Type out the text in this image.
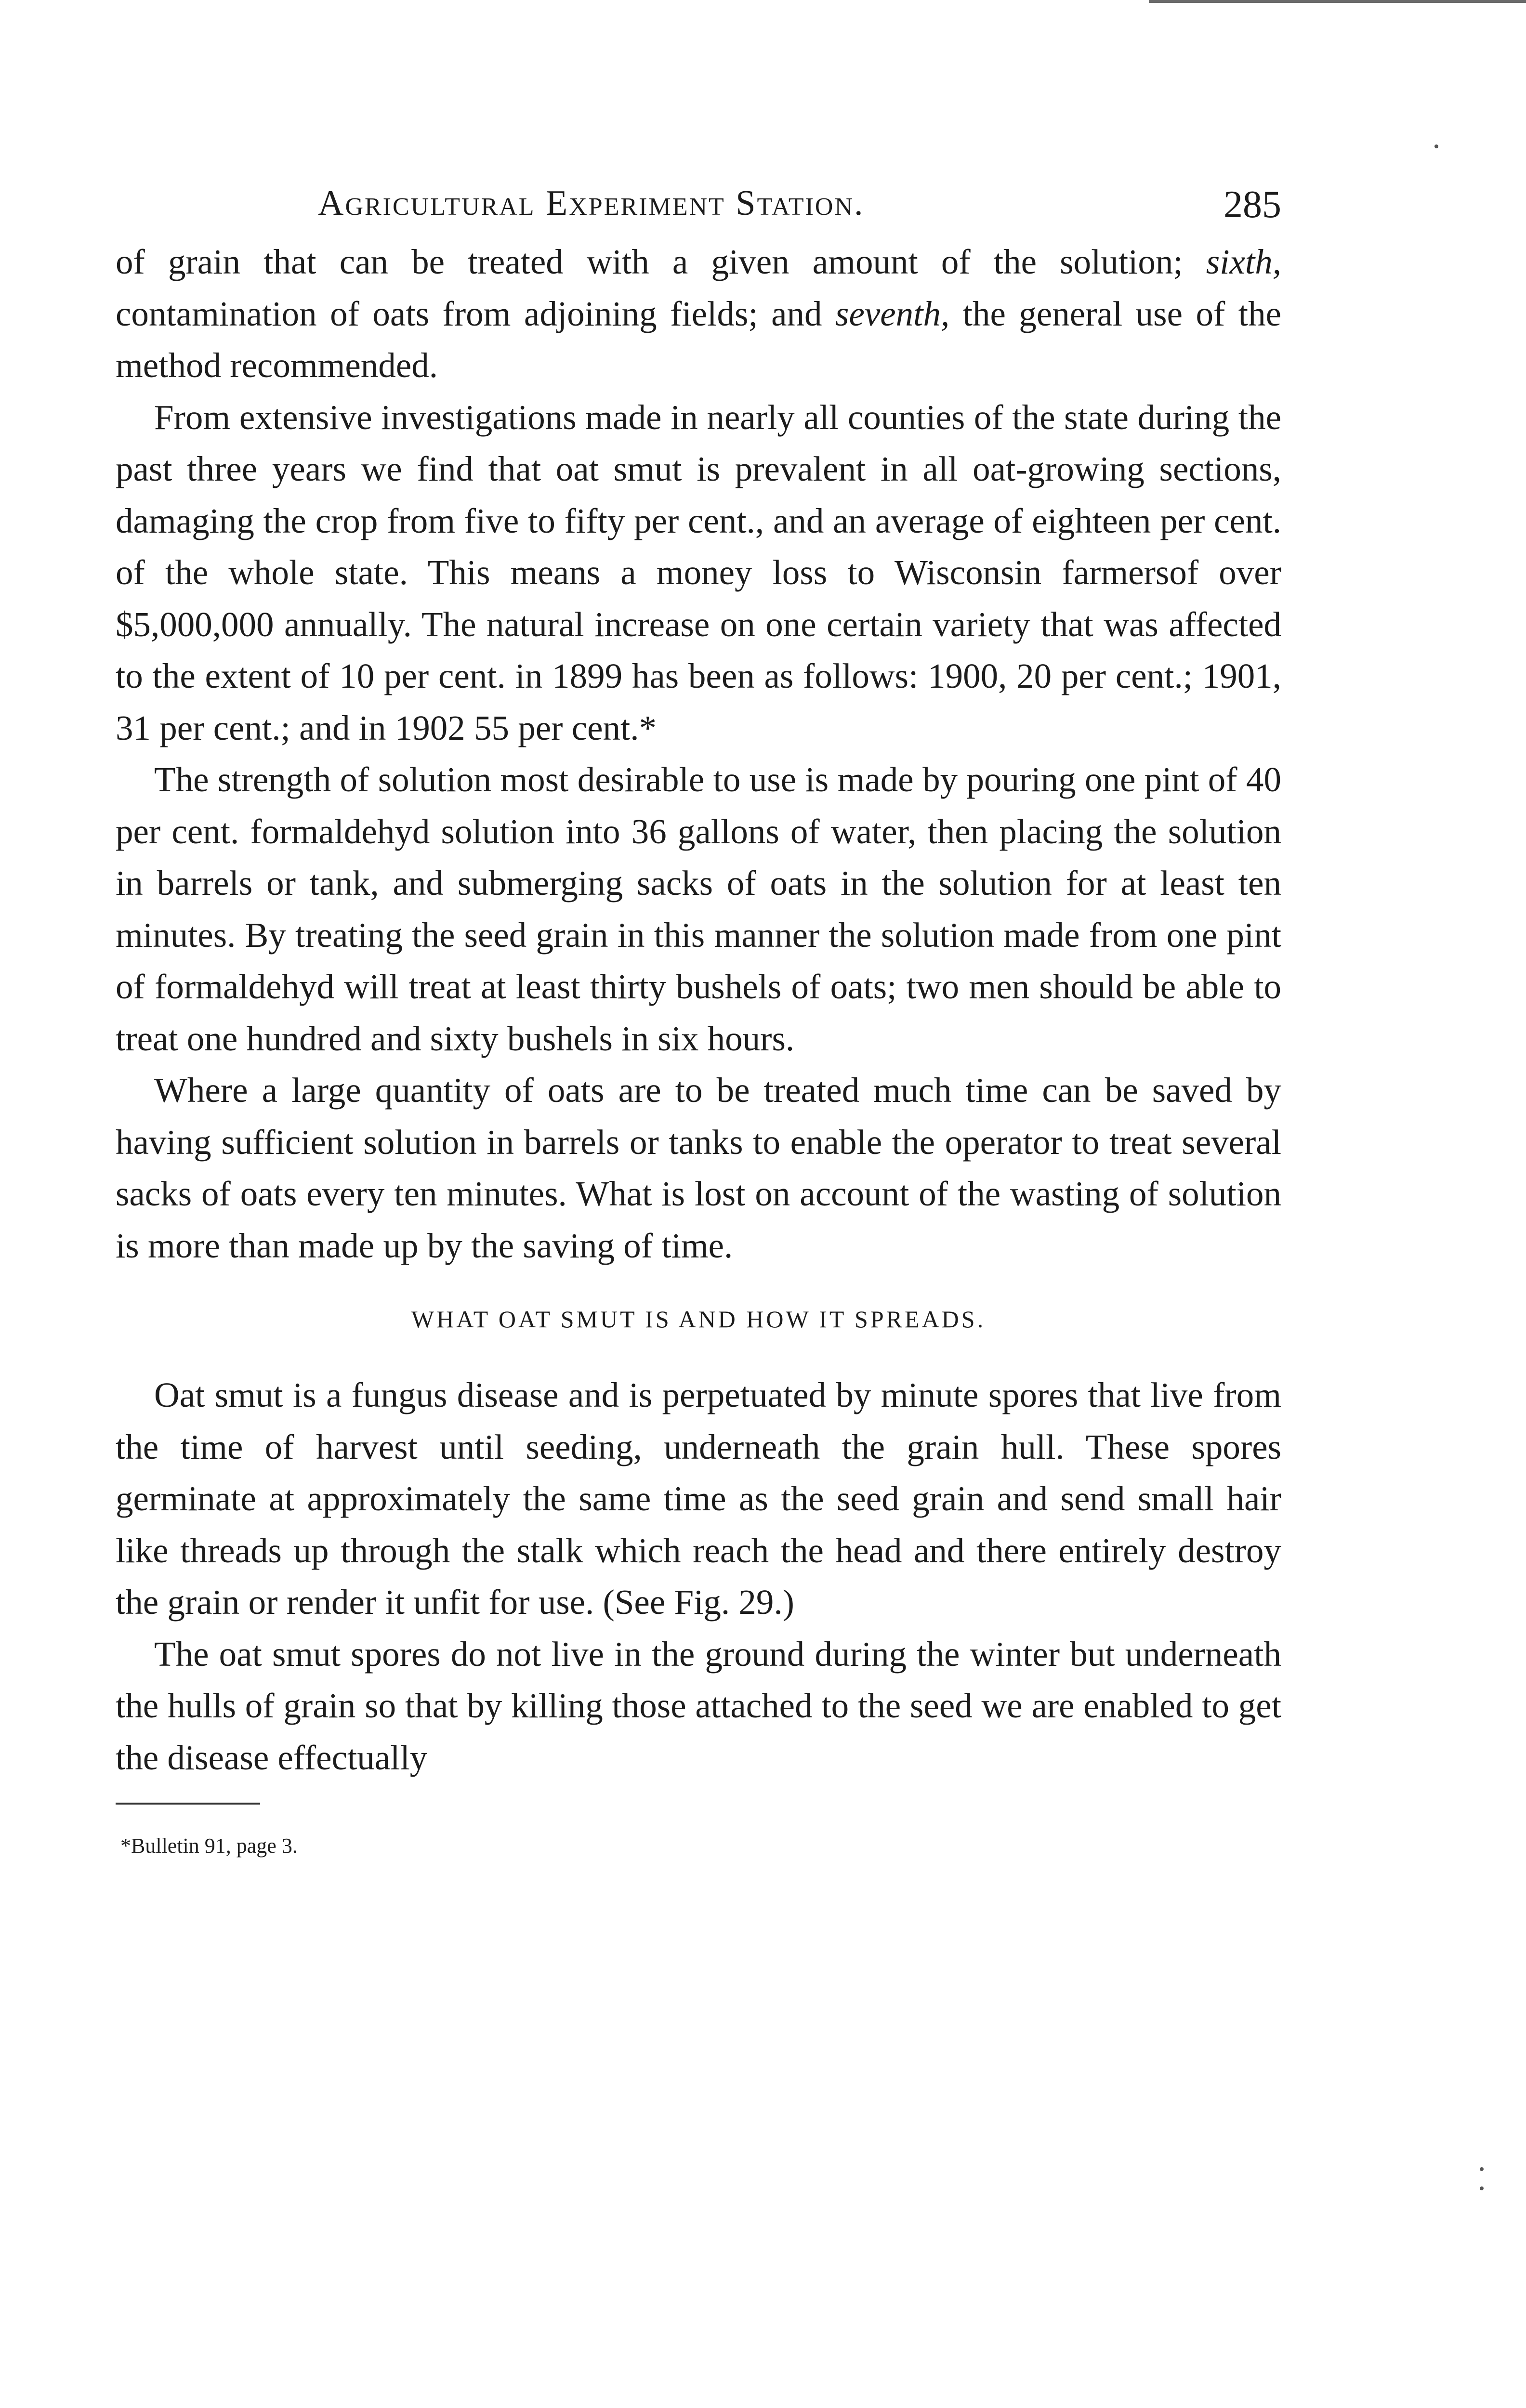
Agricultural Experiment Station.	285

of grain that can be treated with a given amount of the solution; sixth, contamination of oats from adjoining fields; and seventh, the general use of the method recommended.

From extensive investigations made in nearly all counties of the state during the past three years we find that oat smut is prevalent in all oat-growing sections, damaging the crop from five to fifty per cent., and an average of eighteen per cent. of the whole state. This means a money loss to Wisconsin farmersof over $5,000,000 annually. The natural increase on one certain variety that was affected to the extent of 10 per cent. in 1899 has been as follows: 1900, 20 per cent.; 1901, 31 per cent.; and in 1902 55 per cent.*

The strength of solution most desirable to use is made by pouring one pint of 40 per cent. formaldehyd solution into 36 gallons of water, then placing the solution in barrels or tank, and submerging sacks of oats in the solution for at least ten minutes. By treating the seed grain in this manner the solution made from one pint of formaldehyd will treat at least thirty bushels of oats; two men should be able to treat one hundred and sixty bushels in six hours.

Where a large quantity of oats are to be treated much time can be saved by having sufficient solution in barrels or tanks to enable the operator to treat several sacks of oats every ten minutes. What is lost on account of the wasting of solution is more than made up by the saving of time.

WHAT OAT SMUT IS AND HOW IT SPREADS.

Oat smut is a fungus disease and is perpetuated by minute spores that live from the time of harvest until seeding, underneath the grain hull. These spores germinate at approximately the same time as the seed grain and send small hair like threads up through the stalk which reach the head and there entirely destroy the grain or render it unfit for use. (See Fig. 29.)

The oat smut spores do not live in the ground during the winter but underneath the hulls of grain so that by killing those attached to the seed we are enabled to get the disease effectually

*Bulletin 91, page 3.
